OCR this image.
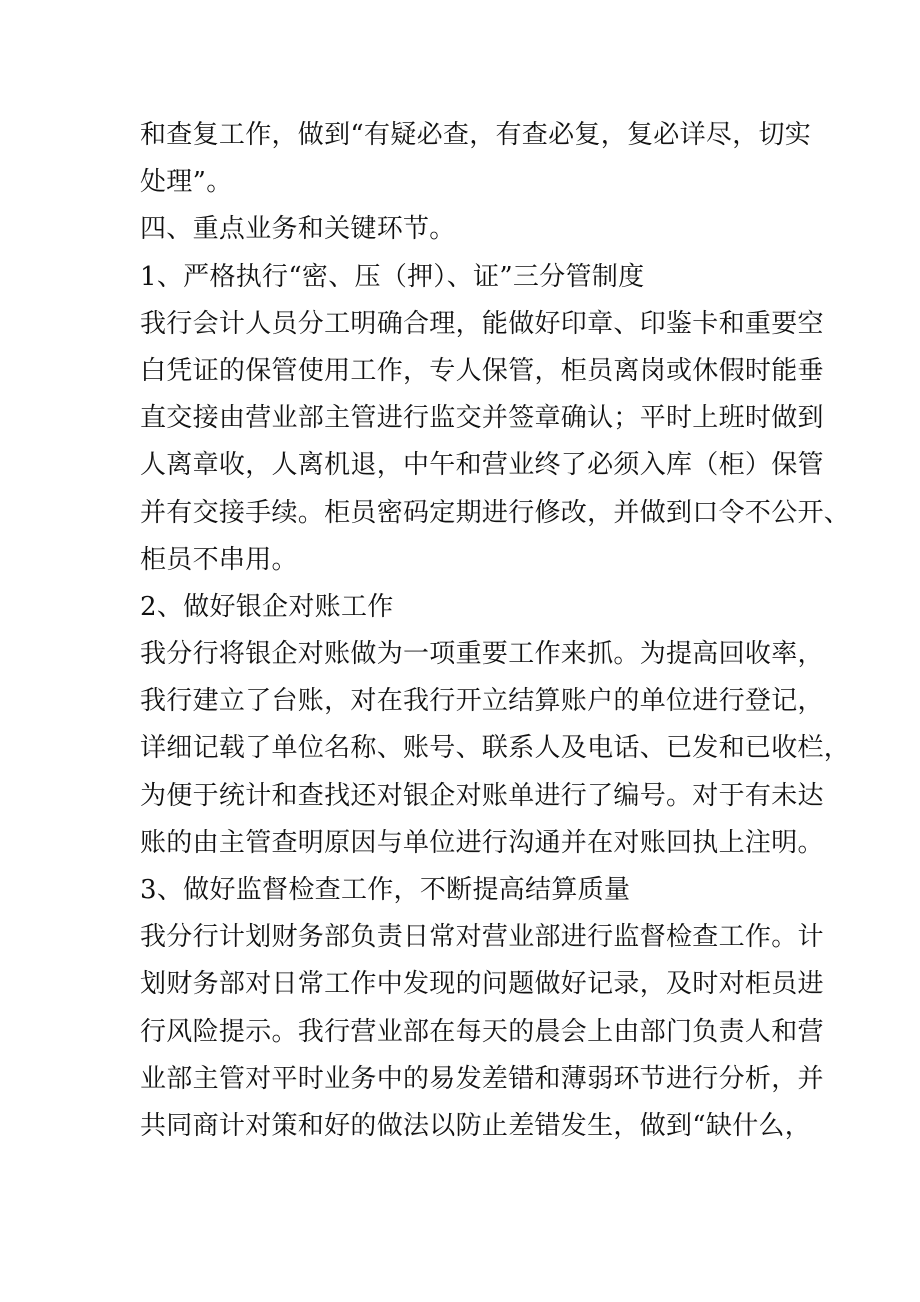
和查复工作，做到“有疑必查，有查必复，复必详尽，切实
处理”。
四、重点业务和关键环节。
1、严格执行“密、压（押）、证”三分管制度
我行会计人员分工明确合理，能做好印章、印鉴卡和重要空
白凭证的保管使用工作，专人保管，柜员离岗或休假时能垂
直交接由营业部主管进行监交并签章确认；平时上班时做到
人离章收，人离机退，中午和营业终了必须入库（柜）保管
并有交接手续。柜员密码定期进行修改，并做到口令不公开、
柜员不串用。
2、做好银企对账工作
我分行将银企对账做为一项重要工作来抓。为提高回收率，
我行建立了台账，对在我行开立结算账户的单位进行登记，
详细记载了单位名称、账号、联系人及电话、已发和已收栏，
为便于统计和查找还对银企对账单进行了编号。对于有未达
账的由主管查明原因与单位进行沟通并在对账回执上注明。
3、做好监督检查工作，不断提高结算质量
我分行计划财务部负责日常对营业部进行监督检查工作。计
划财务部对日常工作中发现的问题做好记录，及时对柜员进
行风险提示。我行营业部在每天的晨会上由部门负责人和营
业部主管对平时业务中的易发差错和薄弱环节进行分析，并
共同商计对策和好的做法以防止差错发生，做到“缺什么，
